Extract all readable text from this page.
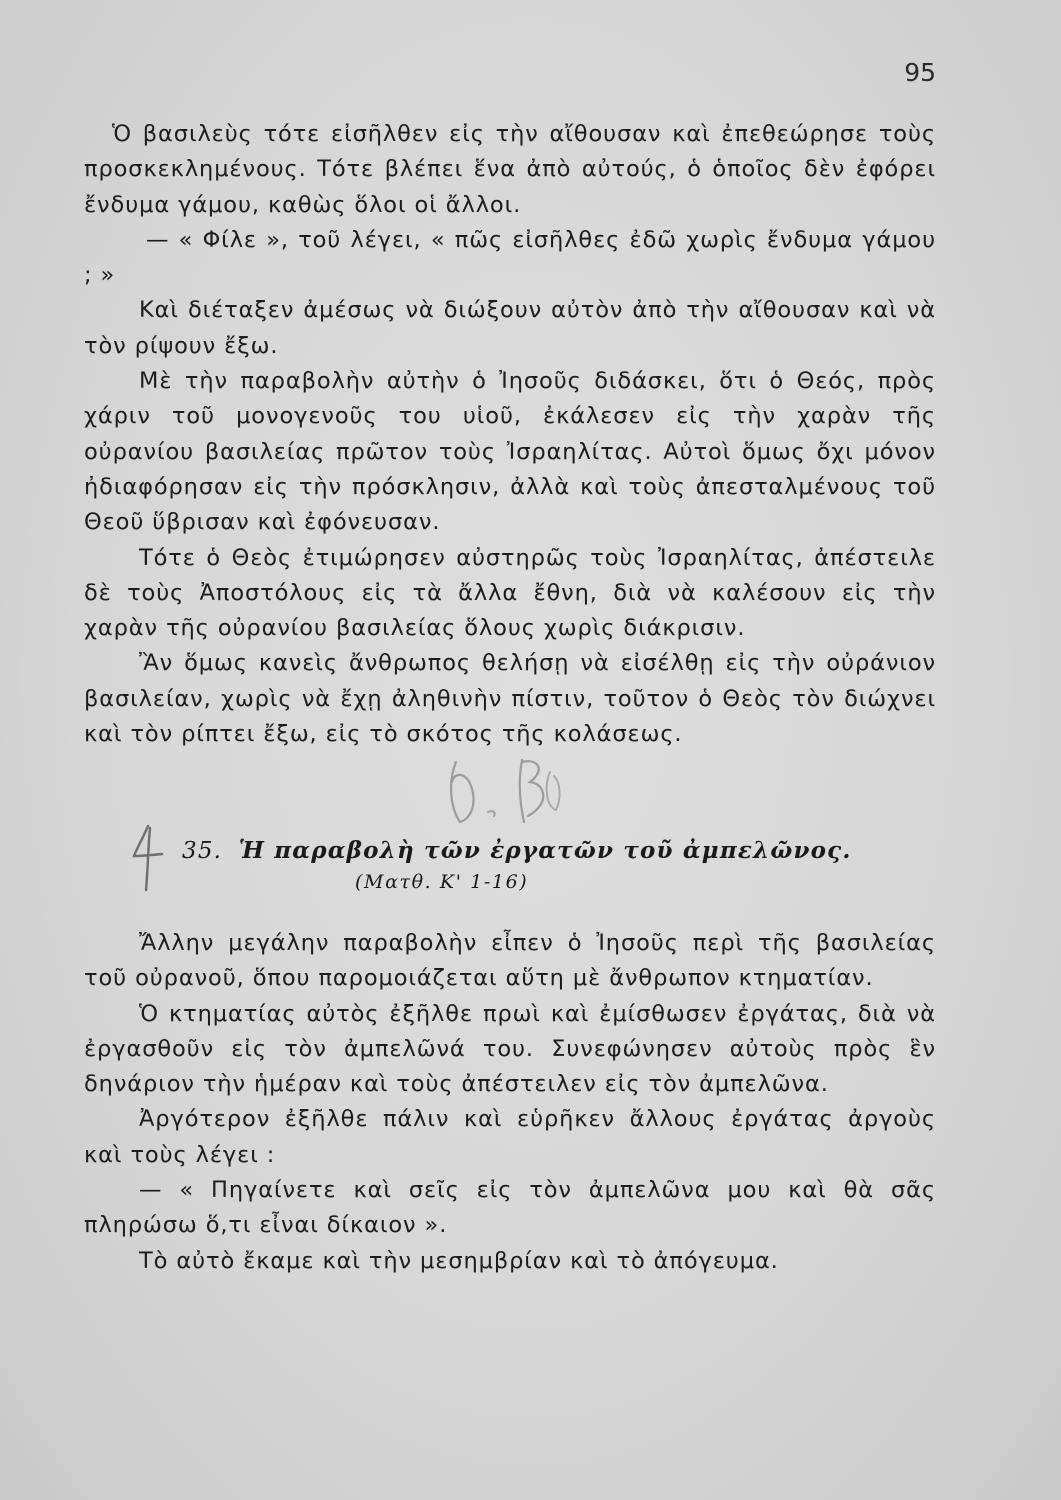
95

Ὁ βασιλεὺς τότε εἰσῆλθεν εἰς τὴν αἴθουσαν καὶ ἐπεθεώρησε τοὺς προσκεκλημένους. Τότε βλέπει ἕνα ἀπὸ αὐτούς, ὁ ὁποῖος δὲν ἐφόρει ἔνδυμα γάμου, καθὼς ὅλοι οἱ ἄλλοι.

— « Φίλε », τοῦ λέγει, « πῶς εἰσῆλθες ἐδῶ χωρὶς ἔνδυμα γάμου ; »

Καὶ διέταξεν ἀμέσως νὰ διώξουν αὐτὸν ἀπὸ τὴν αἴθουσαν καὶ νὰ τὸν ρίψουν ἔξω.

Μὲ τὴν παραβολὴν αὐτὴν ὁ Ἰησοῦς διδάσκει, ὅτι ὁ Θεός, πρὸς χάριν τοῦ μονογενοῦς του υἱοῦ, ἐκάλεσεν εἰς τὴν χαρὰν τῆς οὐρανίου βασιλείας πρῶτον τοὺς Ἰσραηλίτας. Αὐτοὶ ὅμως ὄχι μόνον ἠδιαφόρησαν εἰς τὴν πρόσκλησιν, ἀλλὰ καὶ τοὺς ἀπεσταλμένους τοῦ Θεοῦ ὕβρισαν καὶ ἐφόνευσαν.

Τότε ὁ Θεὸς ἐτιμώρησεν αὐστηρῶς τοὺς Ἰσραηλίτας, ἀπέστειλε δὲ τοὺς Ἀποστόλους εἰς τὰ ἄλλα ἔθνη, διὰ νὰ καλέσουν εἰς τὴν χαρὰν τῆς οὐρανίου βασιλείας ὅλους χωρὶς διάκρισιν.

Ἂν ὅμως κανεὶς ἄνθρωπος θελήσῃ νὰ εἰσέλθῃ εἰς τὴν οὐράνιον βασιλείαν, χωρὶς νὰ ἔχῃ ἀληθινὴν πίστιν, τοῦτον ὁ Θεὸς τὸν διώχνει καὶ τὸν ρίπτει ἔξω, εἰς τὸ σκότος τῆς κολάσεως.

35. Ἡ παραβολὴ τῶν ἐργατῶν τοῦ ἀμπελῶνος.
(Ματθ. Κ' 1-16)

Ἄλλην μεγάλην παραβολὴν εἶπεν ὁ Ἰησοῦς περὶ τῆς βασιλείας τοῦ οὐρανοῦ, ὅπου παρομοιάζεται αὕτη μὲ ἄνθρωπον κτηματίαν.

Ὁ κτηματίας αὐτὸς ἐξῆλθε πρωὶ καὶ ἐμίσθωσεν ἐργάτας, διὰ νὰ ἐργασθοῦν εἰς τὸν ἀμπελῶνά του. Συνεφώνησεν αὐτοὺς πρὸς ἓν δηνάριον τὴν ἡμέραν καὶ τοὺς ἀπέστειλεν εἰς τὸν ἀμπελῶνα.

Ἀργότερον ἐξῆλθε πάλιν καὶ εὑρῆκεν ἄλλους ἐργάτας ἀργοὺς καὶ τοὺς λέγει :

— « Πηγαίνετε καὶ σεῖς εἰς τὸν ἀμπελῶνα μου καὶ θὰ σᾶς πληρώσω ὅ,τι εἶναι δίκαιον ».

Τὸ αὐτὸ ἔκαμε καὶ τὴν μεσημβρίαν καὶ τὸ ἀπόγευμα.
